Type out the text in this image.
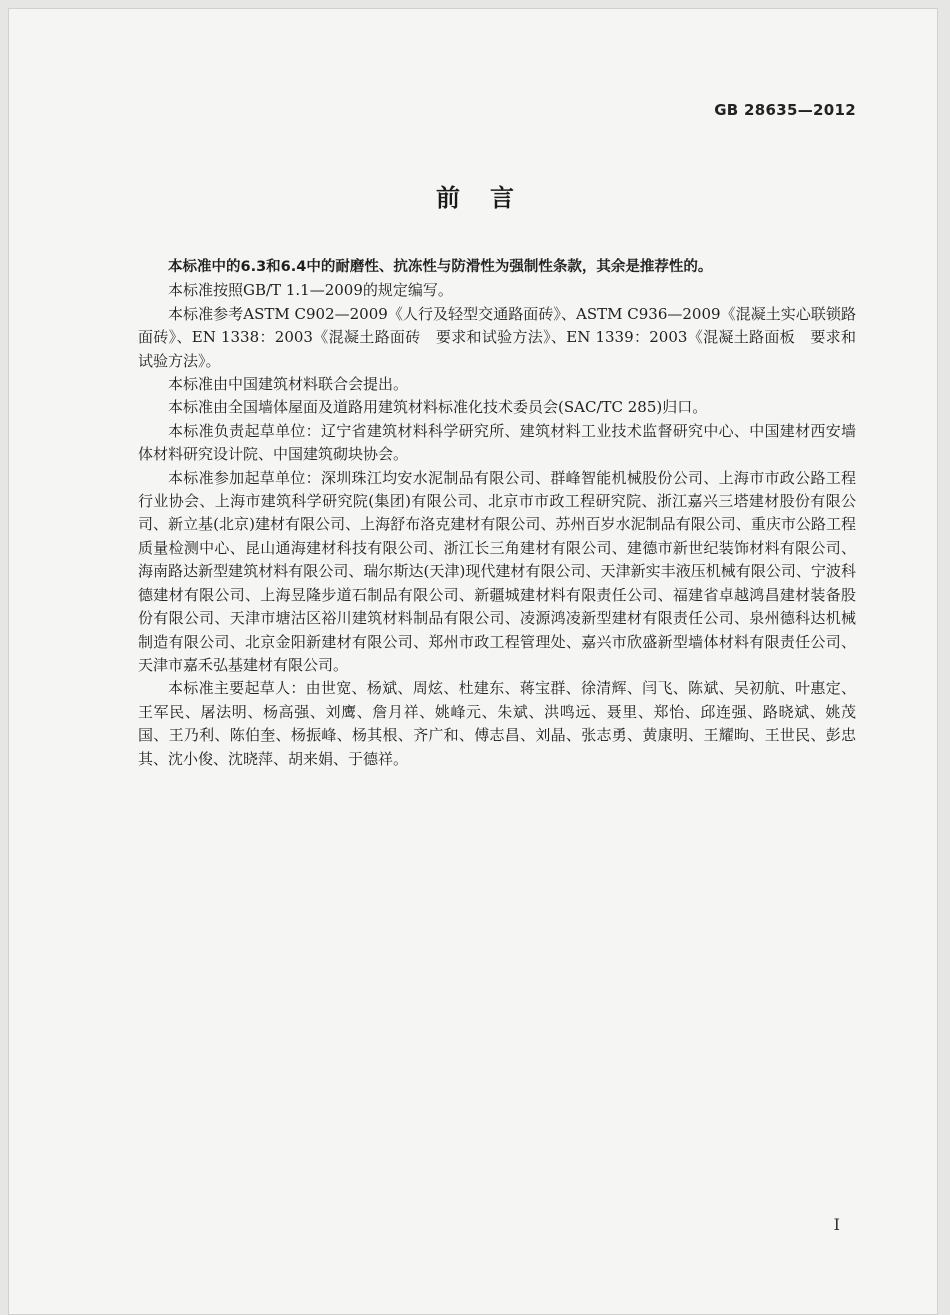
GB 28635—2012
前言

本标准中的6.3和6.4中的耐磨性、抗冻性与防滑性为强制性条款，其余是推荐性的。

本标准按照GB/T 1.1—2009的规定编写。

本标准参考ASTM C902—2009《人行及轻型交通路面砖》、ASTM C936—2009《混凝土实心联锁路面砖》、EN 1338：2003《混凝土路面砖　要求和试验方法》、EN 1339：2003《混凝土路面板　要求和试验方法》。

本标准由中国建筑材料联合会提出。

本标准由全国墙体屋面及道路用建筑材料标准化技术委员会(SAC/TC 285)归口。

本标准负责起草单位：辽宁省建筑材料科学研究所、建筑材料工业技术监督研究中心、中国建材西安墙体材料研究设计院、中国建筑砌块协会。

本标准参加起草单位：深圳珠江均安水泥制品有限公司、群峰智能机械股份公司、上海市市政公路工程行业协会、上海市建筑科学研究院(集团)有限公司、北京市市政工程研究院、浙江嘉兴三塔建材股份有限公司、新立基(北京)建材有限公司、上海舒布洛克建材有限公司、苏州百岁水泥制品有限公司、重庆市公路工程质量检测中心、昆山通海建材科技有限公司、浙江长三角建材有限公司、建德市新世纪装饰材料有限公司、海南路达新型建筑材料有限公司、瑞尔斯达(天津)现代建材有限公司、天津新实丰液压机械有限公司、宁波科德建材有限公司、上海昱隆步道石制品有限公司、新疆城建材料有限责任公司、福建省卓越鸿昌建材装备股份有限公司、天津市塘沽区裕川建筑材料制品有限公司、凌源鸿凌新型建材有限责任公司、泉州德科达机械制造有限公司、北京金阳新建材有限公司、郑州市政工程管理处、嘉兴市欣盛新型墙体材料有限责任公司、天津市嘉禾弘基建材有限公司。

本标准主要起草人：由世宽、杨斌、周炫、杜建东、蒋宝群、徐清辉、闫飞、陈斌、吴初航、叶惠定、王军民、屠法明、杨高强、刘鹰、詹月祥、姚峰元、朱斌、洪鸣远、聂里、郑怡、邱连强、路晓斌、姚茂国、王乃利、陈伯奎、杨振峰、杨其根、齐广和、傅志昌、刘晶、张志勇、黄康明、王耀昫、王世民、彭忠其、沈小俊、沈晓萍、胡来娟、于德祥。

I
